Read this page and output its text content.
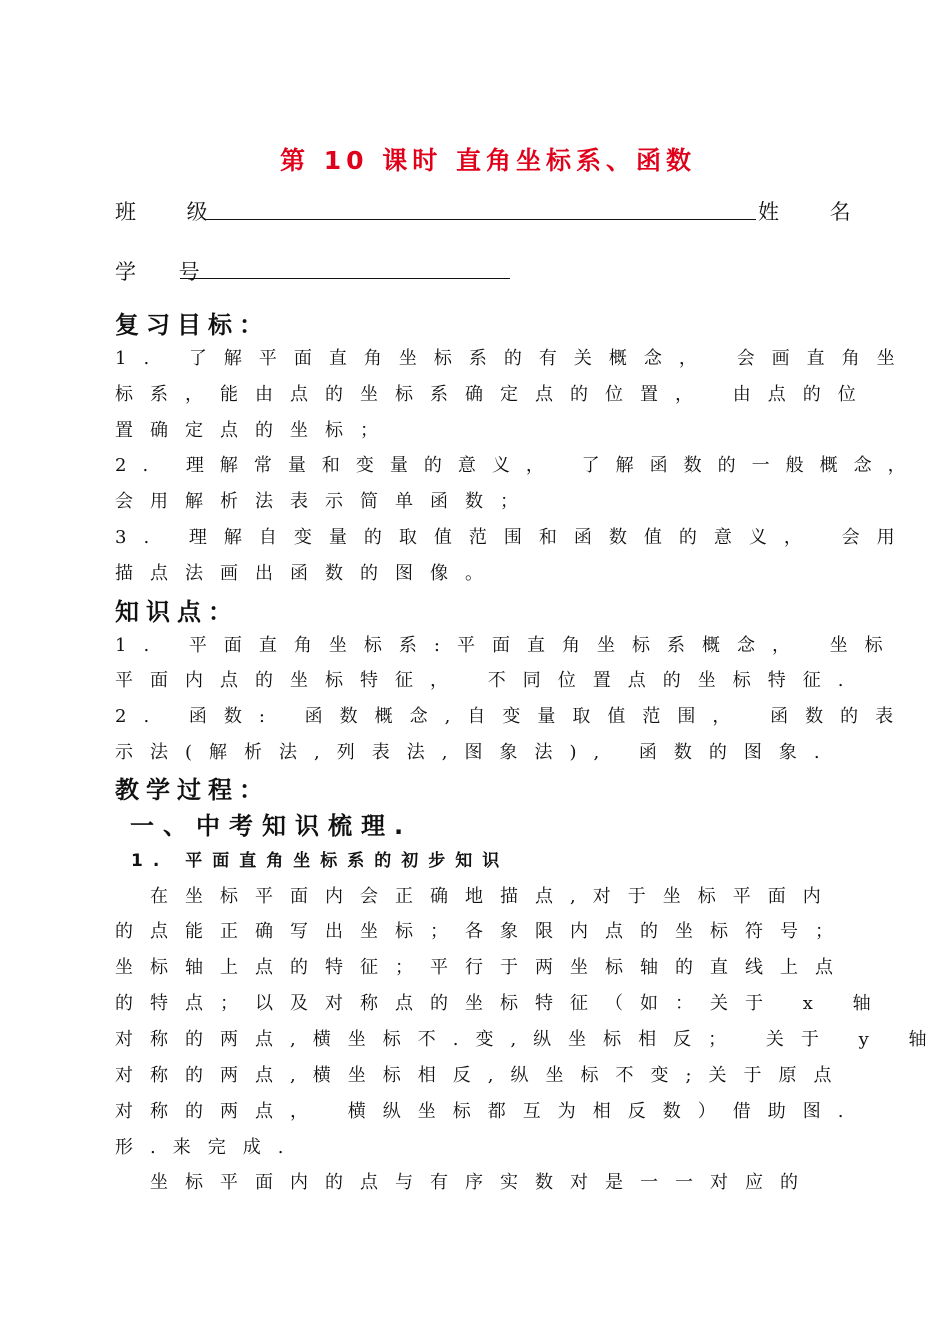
第 10 课时 直角坐标系、函数
班 级	姓 名
学 号
复习目标：
1. 了解平面直角坐标系的有关概念， 会画直角坐
标系，能由点的坐标系确定点的位置， 由点的位
置确定点的坐标；
2. 理解常量和变量的意义， 了解函数的一般概念，
会用解析法表示简单函数；
3. 理解自变量的取值范围和函数值的意义， 会用
描点法画出函数的图像。
知识点：
1. 平面直角坐标系:平面直角坐标系概念， 坐标
平面内点的坐标特征， 不同位置点的坐标特征.
2. 函数: 函数概念,自变量取值范围， 函数的表
示法(解析法,列表法,图象法), 函数的图象.
教学过程：
一、中考知识梳理.
1. 平面直角坐标系的初步知识
　在坐标平面内会正确地描点,对于坐标平面内
的点能正确写出坐标；各象限内点的坐标符号；
坐标轴上点的特征；平行于两坐标轴的直线上点
的特点；以及对称点的坐标特征（如：关于 x 轴
对称的两点,横坐标不.变,纵坐标相反； 关于 y 轴
对称的两点,横坐标相反,纵坐标不变;关于原点
对称的两点， 横纵坐标都互为相反数）借助图.
形.来完成.
　坐标平面内的点与有序实数对是一一对应的
